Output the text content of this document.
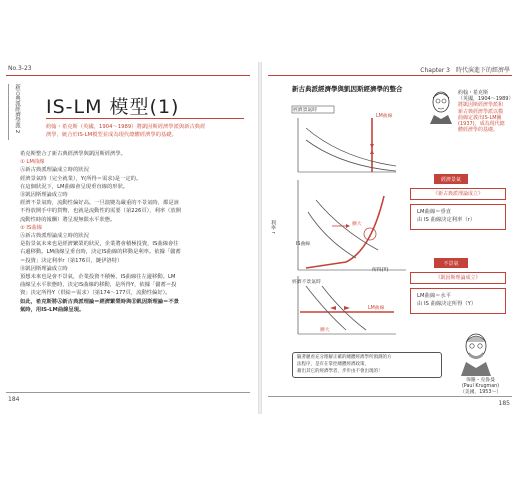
No.3-23
新古典派經濟學派 2 IS-LM 模型(1)
約翰・希克斯（英國，1904～1989）將凱因斯經濟學派與新古典經
濟學，統合於IS-LM模型並成為現代總體經濟學的基礎。
希克斯整合了新古典經濟學與凱因斯經濟學。
① LM曲線
Ⓐ新古典派理論成立時的狀況
經濟景氣時（完全就業），Y(所得＝需求)是一定的。
在這個狀況下，LM曲線會呈現垂直線的形狀。
Ⓑ凱因斯理論成立時
經濟不景氣時，流動性偏好高。一旦演變為嚴重的不景氣時，都是該
不得放開手中的貨幣，也就是流動性的需要（第226頁），利率（放開
流動性時的報酬）將呈現無限水平狀態。
② IS曲線
Ⓐ新古典派理論成立時的狀況
是指景氣未來也是經濟繁榮的狀況，企業將會積極投資，IS曲線會往
右邊移動。LM曲線呈垂直時，決定IS曲線的移動是利率。依據「儲蓄
＝投資」決定利率r（第176頁，鏈伊洛特）
Ⓑ凱因斯理論成立時
預想未來也是會不景氣，企業投資不積極，IS曲線往左邊移動。LM
曲線呈水平狀態時，決定IS曲線的移動，是所得Y，依據「儲蓄＝投
資」決定所得Y（供給＝需求）（第174～177頁，流動性偏好）。
如此，希克斯將Ⓐ新古典派理論＝經濟繁榮時與Ⓑ凱因斯理論＝不景
氣時，用IS-LM曲線呈現。
184
Chapter 3　時代演進下的經濟學
新古典派經濟學與凱因斯經濟學的整合	約翰・希克斯
（英國，1904～1989）
將凱因斯經濟學派和
新古典經濟學派以模
曲線定義出IS-LM圖
(1937)，成為現代總
體經濟學的基礎。
經濟景氣時
LM曲線
利率 r	擴大
IS曲線
所得(Y)
經濟不景氣時
LM曲線
擴大
經濟景氣
《新古典派理論成立》
LM曲線＝垂直
由 IS 曲線決定利率（r）
不景氣
《凱因斯理論成立》
LM曲線＝水平
由 IS 曲線決定所得（Y）
隨著麗看充分理解正確的總體經濟學所預測的方
法程序，是有在掌控總體經濟政策，
藉出其它的經濟學者，步步由不會出現的！
保羅・克魯曼
(Paul Krugman)
（美國，1953～）
185
